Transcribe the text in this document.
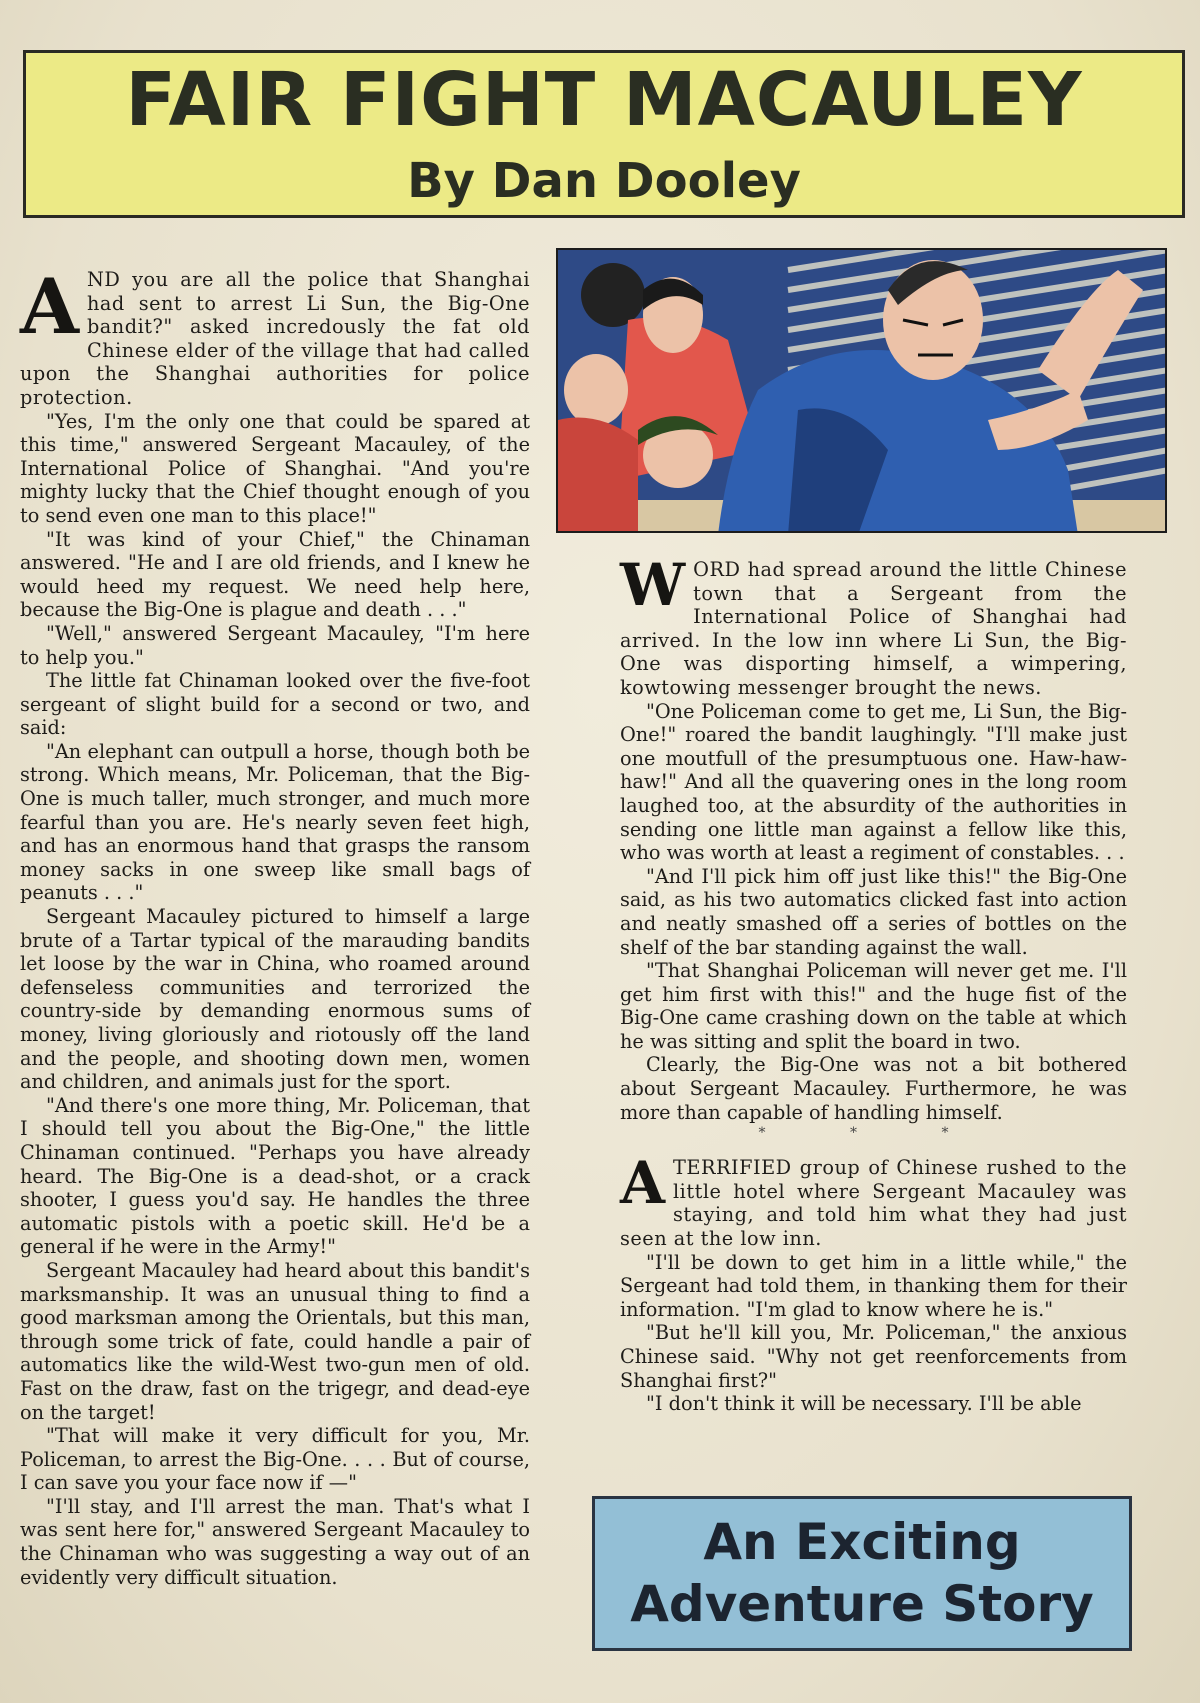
FAIR FIGHT MACAULEY
By Dan Dooley

AND you are all the police that Shanghai had sent to arrest Li Sun, the Big-One bandit?" asked incredously the fat old Chinese elder of the village that had called upon the Shanghai authorities for police protection.

"Yes, I'm the only one that could be spared at this time," answered Sergeant Macauley, of the International Police of Shanghai. "And you're mighty lucky that the Chief thought enough of you to send even one man to this place!"

"It was kind of your Chief," the Chinaman answered. "He and I are old friends, and I knew he would heed my request. We need help here, because the Big-One is plague and death . . ."

"Well," answered Sergeant Macauley, "I'm here to help you."

The little fat Chinaman looked over the five-foot sergeant of slight build for a second or two, and said:

"An elephant can outpull a horse, though both be strong. Which means, Mr. Policeman, that the Big-One is much taller, much stronger, and much more fearful than you are. He's nearly seven feet high, and has an enormous hand that grasps the ransom money sacks in one sweep like small bags of peanuts . . ."

Sergeant Macauley pictured to himself a large brute of a Tartar typical of the marauding bandits let loose by the war in China, who roamed around defenseless communities and terrorized the country-side by demanding enormous sums of money, living gloriously and riotously off the land and the people, and shooting down men, women and children, and animals just for the sport.

"And there's one more thing, Mr. Policeman, that I should tell you about the Big-One," the little Chinaman continued. "Perhaps you have already heard. The Big-One is a dead-shot, or a crack shooter, I guess you'd say. He handles the three automatic pistols with a poetic skill. He'd be a general if he were in the Army!"

Sergeant Macauley had heard about this bandit's marksmanship. It was an unusual thing to find a good marksman among the Orientals, but this man, through some trick of fate, could handle a pair of automatics like the wild-West two-gun men of old. Fast on the draw, fast on the trigegr, and dead-eye on the target!

"That will make it very difficult for you, Mr. Policeman, to arrest the Big-One. . . . But of course, I can save you your face now if —"

"I'll stay, and I'll arrest the man. That's what I was sent here for," answered Sergeant Macauley to the Chinaman who was suggesting a way out of an evidently very difficult situation.

WORD had spread around the little Chinese town that a Sergeant from the International Police of Shanghai had arrived. In the low inn where Li Sun, the Big-One was disporting himself, a wimpering, kowtowing messenger brought the news.

"One Policeman come to get me, Li Sun, the Big-One!" roared the bandit laughingly. "I'll make just one moutfull of the presumptuous one. Haw-haw-haw!" And all the quavering ones in the long room laughed too, at the absurdity of the authorities in sending one little man against a fellow like this, who was worth at least a regiment of constables. . .

"And I'll pick him off just like this!" the Big-One said, as his two automatics clicked fast into action and neatly smashed off a series of bottles on the shelf of the bar standing against the wall.

"That Shanghai Policeman will never get me. I'll get him first with this!" and the huge fist of the Big-One came crashing down on the table at which he was sitting and split the board in two.

Clearly, the Big-One was not a bit bothered about Sergeant Macauley. Furthermore, he was more than capable of handling himself.

* * *

ATERRIFIED group of Chinese rushed to the little hotel where Sergeant Macauley was staying, and told him what they had just seen at the low inn.

"I'll be down to get him in a little while," the Sergeant had told them, in thanking them for their information. "I'm glad to know where he is."

"But he'll kill you, Mr. Policeman," the anxious Chinese said. "Why not get reenforcements from Shanghai first?"

"I don't think it will be necessary. I'll be able

An Exciting
Adventure Story
